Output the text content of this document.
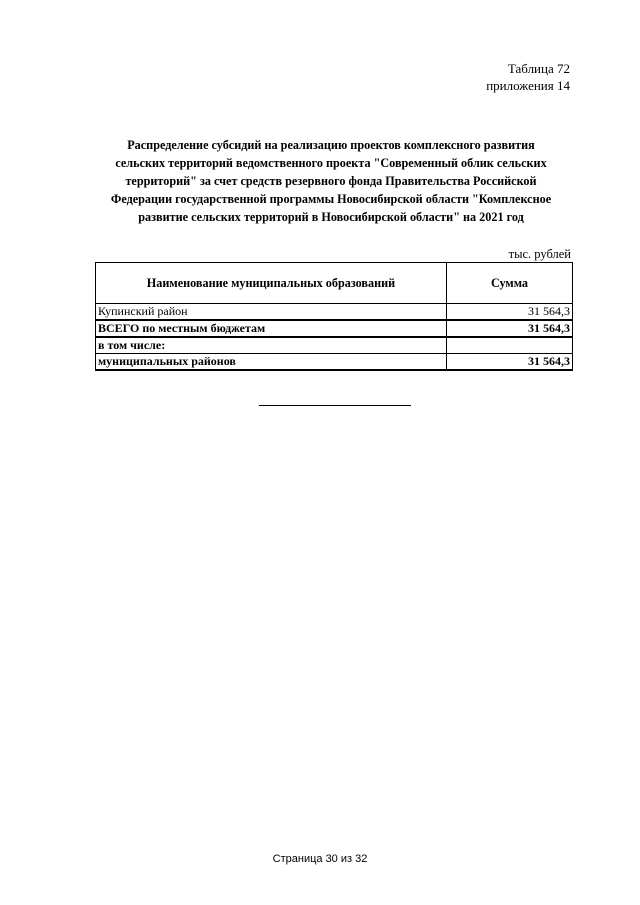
Таблица 72
приложения 14
Распределение субсидий на реализацию проектов комплексного развития
сельских территорий ведомственного проекта "Современный облик сельских
территорий" за счет средств резервного фонда Правительства Российской
Федерации государственной программы Новосибирской области "Комплексное
развитие сельских территорий в Новосибирской области" на 2021 год
тыс. рублей
Наименование муниципальных образований	Сумма
Купинский район	31 564,3
ВСЕГО по местным бюджетам	31 564,3
в том числе:	
муниципальных районов	31 564,3
Страница 30 из 32
